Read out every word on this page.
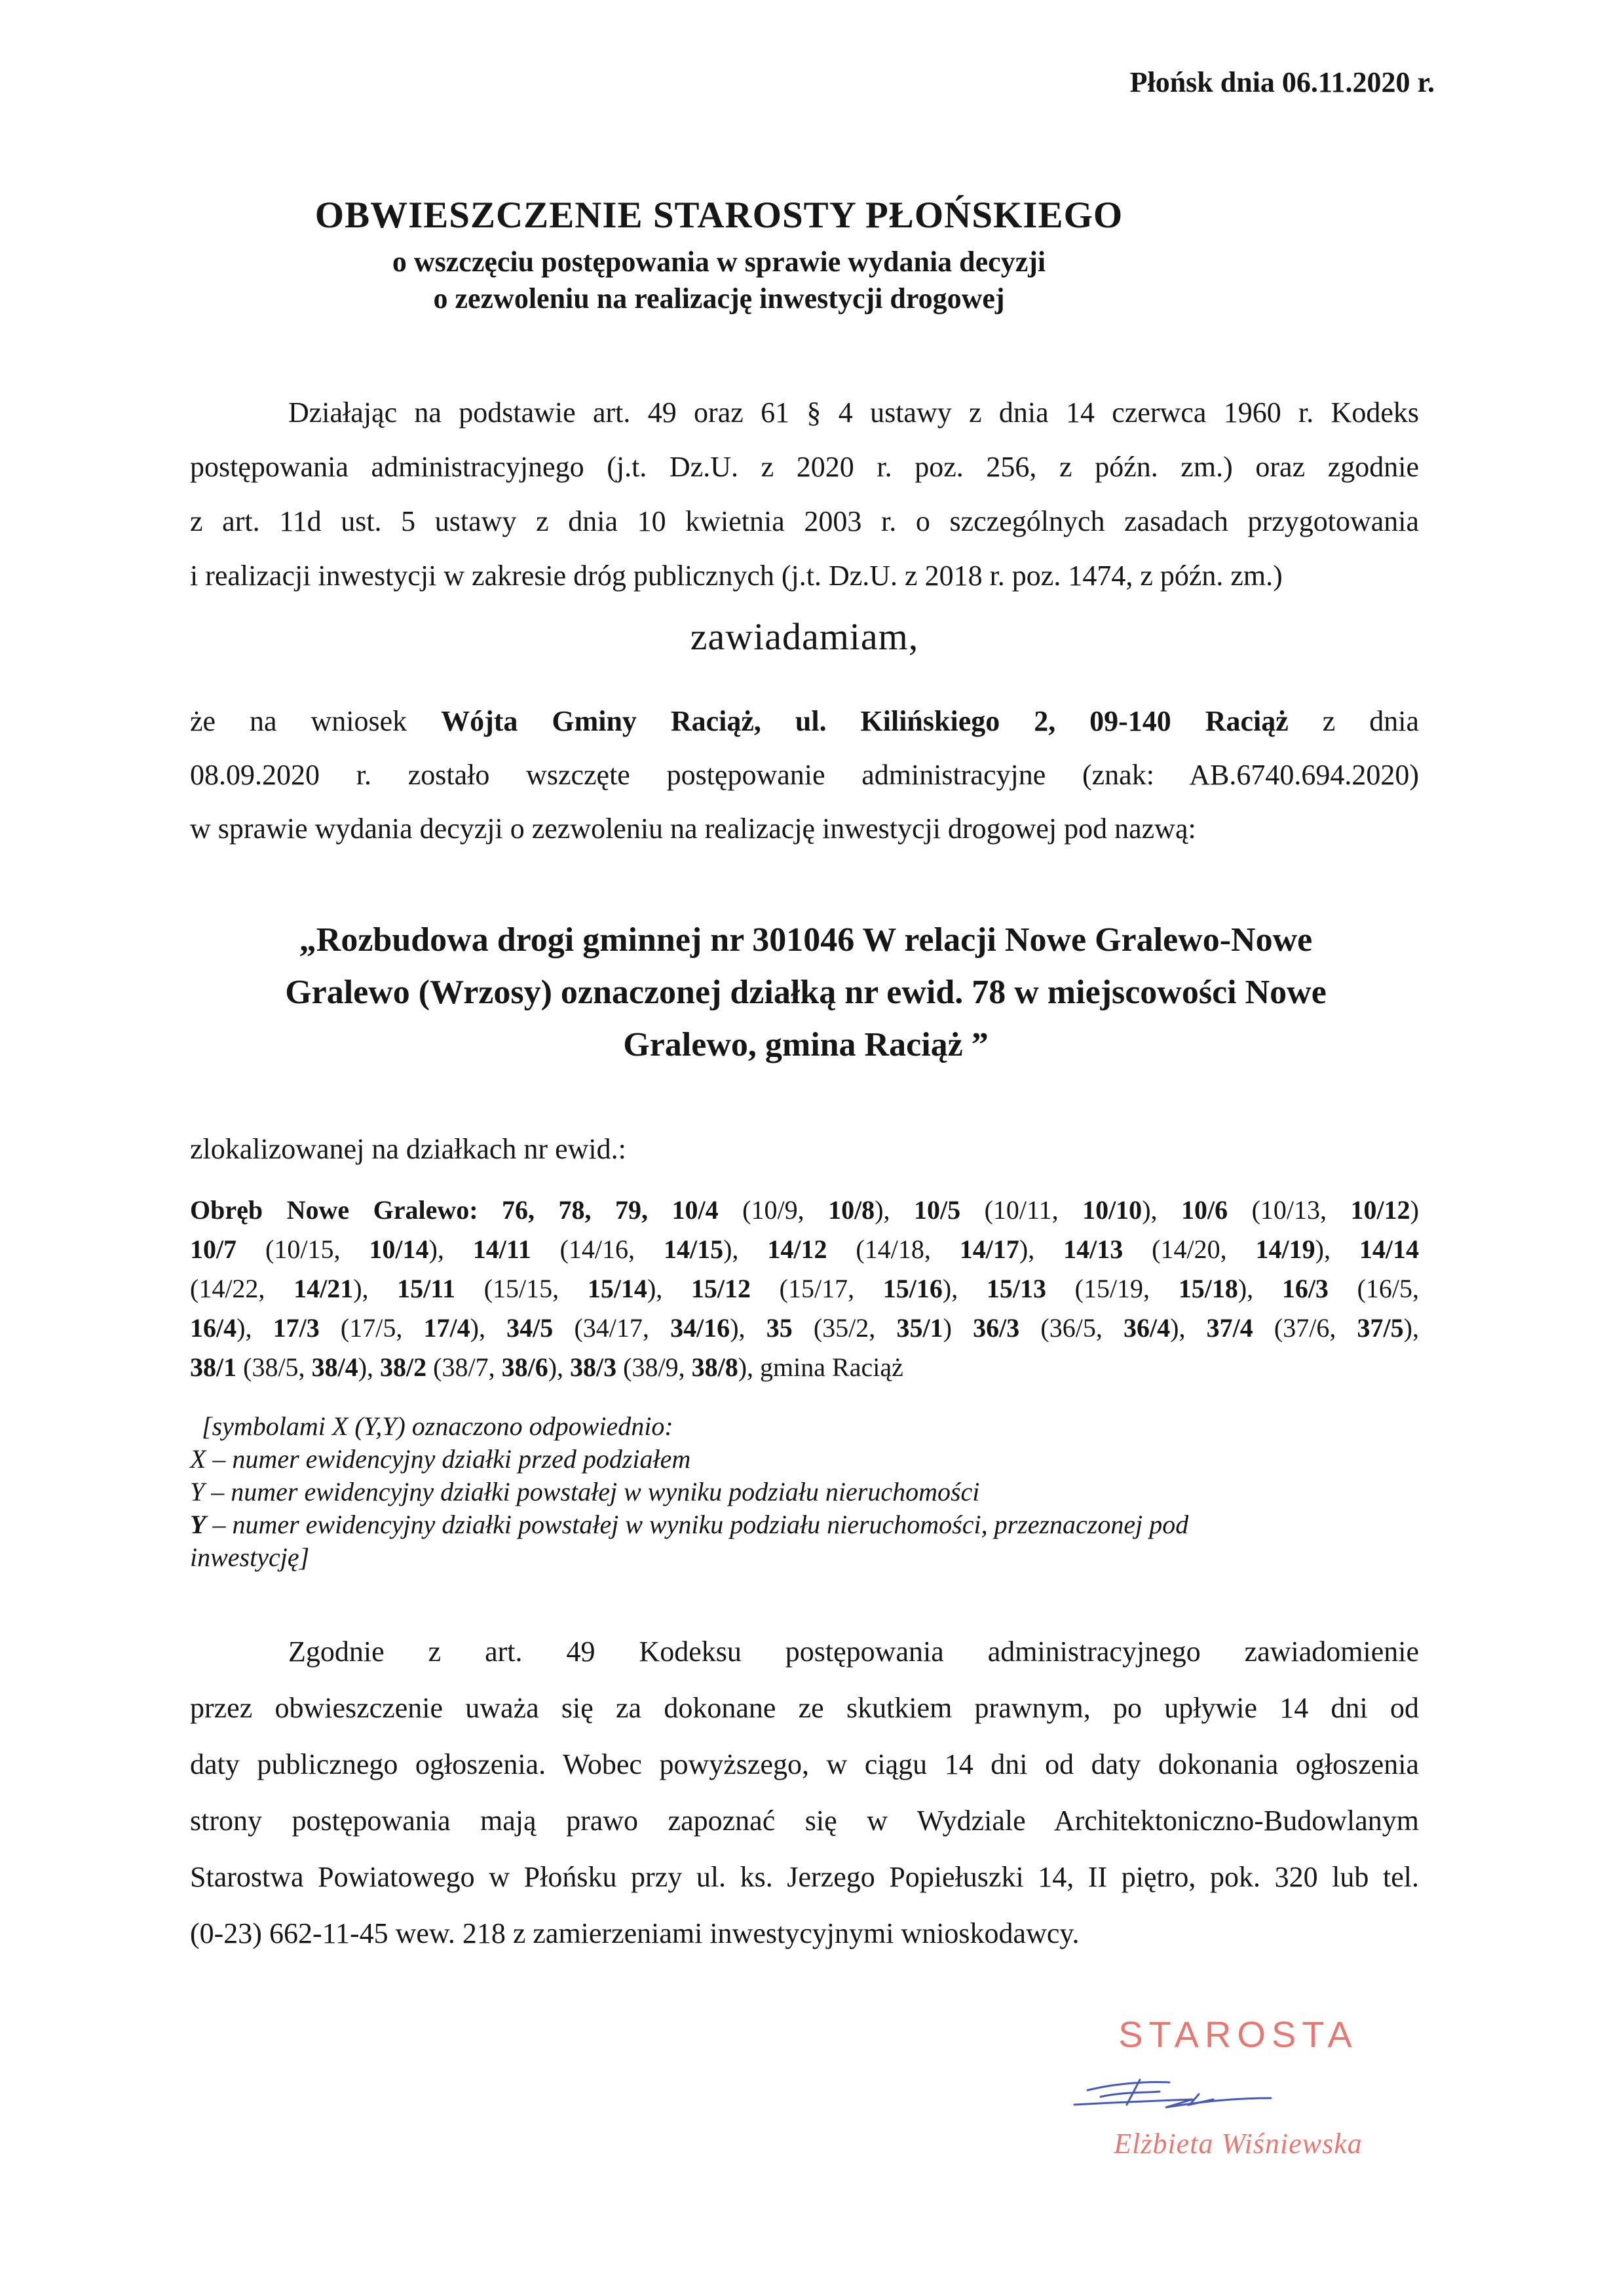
Płońsk dnia 06.11.2020 r.
OBWIESZCZENIE STAROSTY PŁOŃSKIEGO
o wszczęciu postępowania w sprawie wydania decyzji
o zezwoleniu na realizację inwestycji drogowej
Działając na podstawie art. 49 oraz 61 § 4 ustawy z dnia 14 czerwca 1960 r. Kodeks
postępowania administracyjnego (j.t. Dz.U. z 2020 r. poz. 256, z późn. zm.) oraz zgodnie
z art. 11d ust. 5 ustawy z dnia 10 kwietnia 2003 r. o szczególnych zasadach przygotowania
i realizacji inwestycji w zakresie dróg publicznych (j.t. Dz.U. z 2018 r. poz. 1474, z późn. zm.)
zawiadamiam,
że na wniosek Wójta Gminy Raciąż, ul. Kilińskiego 2, 09-140 Raciąż z dnia
08.09.2020 r. zostało wszczęte postępowanie administracyjne (znak: AB.6740.694.2020)
w sprawie wydania decyzji o zezwoleniu na realizację inwestycji drogowej pod nazwą:
„Rozbudowa drogi gminnej nr 301046 W relacji Nowe Gralewo-Nowe
Gralewo (Wrzosy) oznaczonej działką nr ewid. 78 w miejscowości Nowe
Gralewo, gmina Raciąż ”
zlokalizowanej na działkach nr ewid.:
Obręb Nowe Gralewo: 76, 78, 79, 10/4 (10/9, 10/8), 10/5 (10/11, 10/10), 10/6 (10/13, 10/12)
10/7 (10/15, 10/14), 14/11 (14/16, 14/15), 14/12 (14/18, 14/17), 14/13 (14/20, 14/19), 14/14
(14/22, 14/21), 15/11 (15/15, 15/14), 15/12 (15/17, 15/16), 15/13 (15/19, 15/18), 16/3 (16/5,
16/4), 17/3 (17/5, 17/4), 34/5 (34/17, 34/16), 35 (35/2, 35/1) 36/3 (36/5, 36/4), 37/4 (37/6, 37/5),
38/1 (38/5, 38/4), 38/2 (38/7, 38/6), 38/3 (38/9, 38/8), gmina Raciąż
[symbolami X (Y,Y) oznaczono odpowiednio:
X – numer ewidencyjny działki przed podziałem
Y – numer ewidencyjny działki powstałej w wyniku podziału nieruchomości
Y – numer ewidencyjny działki powstałej w wyniku podziału nieruchomości, przeznaczonej pod
inwestycję]
Zgodnie z art. 49 Kodeksu postępowania administracyjnego zawiadomienie
przez obwieszczenie uważa się za dokonane ze skutkiem prawnym, po upływie 14 dni od
daty publicznego ogłoszenia. Wobec powyższego, w ciągu 14 dni od daty dokonania ogłoszenia
strony postępowania mają prawo zapoznać się w Wydziale Architektoniczno-Budowlanym
Starostwa Powiatowego w Płońsku przy ul. ks. Jerzego Popiełuszki 14, II piętro, pok. 320 lub tel.
(0-23) 662-11-45 wew. 218 z zamierzeniami inwestycyjnymi wnioskodawcy.
STAROSTA
Elżbieta Wiśniewska
